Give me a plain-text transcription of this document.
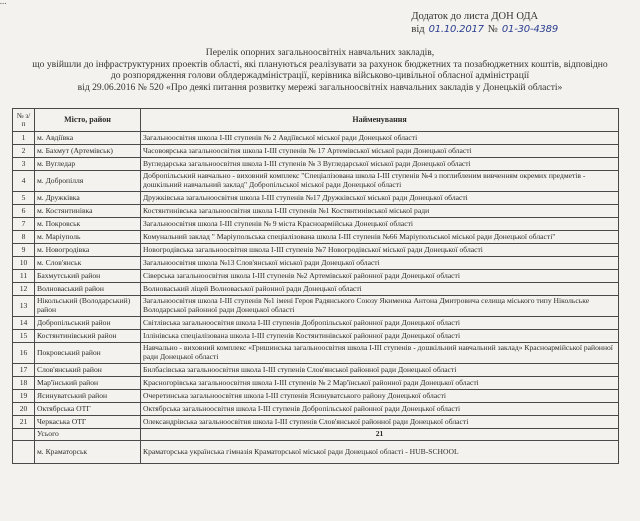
...
Додаток до листа ДОН ОДА
від 01.10.2017 № 01-30-4389
Перелік опорних загальноосвітніх навчальних закладів,
що увійшли до інфраструктурних проектів області, які плануються реалізувати за рахунок бюджетних та позабюджетних коштів, відповідно
до розпорядження голови облдержадміністрації, керівника військово-цивільної обласної адміністрації
від 29.06.2016 № 520 «Про деякі питання розвитку мережі загальноосвітніх навчальних закладів у Донецькій області»
№ з/п	Місто, район	Найменування
1	м. Авдіївка	Загальноосвітня школа І-ІІІ ступенів № 2 Авдіївської міської ради Донецької області
2	м. Бахмут (Артемівськ)	Часовоярська загальноосвітня школа І-ІІІ ступенів № 17 Артемівської міської ради Донецької області
3	м. Вугледар	Вугледарська загальноосвітня школа І-ІІІ ступенів № 3 Вугледарської міської ради Донецької області
4	м. Добропілля	Добропільський навчально - виховний комплекс "Спеціалізована школа І-ІІІ ступенів №4 з поглибленим вивченням окремих предметів - дошкільний навчальний заклад" Добропільської міської ради Донецької області
5	м. Дружківка	Дружківська загальноосвітня школа І-ІІІ ступенів №17 Дружківської міської ради Донецької області
6	м. Костянтинівка	Костянтинівська загальноосвітня школа І-ІІІ ступенів №1 Костянтинівської міської ради
7	м. Покровськ	Загальноосвітня школа І-ІІІ ступенів № 9 міста Красноармійська Донецької області
8	м. Маріуполь	Комунальний заклад " Маріупольська спеціалізована школа І-ІІІ ступенів №66 Маріупольської міської ради Донецької області"
9	м. Новогродівка	Новогродівська загальноосвітня школа І-ІІІ ступенів №7 Новогродівської міської ради Донецької області
10	м. Слов'янськ	Загальноосвітня школа №13 Слов'янської міської ради Донецької області
11	Бахмутський район	Сіверська загальноосвітня школа І-ІІІ ступенів №2 Артемівської районної ради Донецької області
12	Волноваський район	Волноваський ліцей Волноваської районної ради Донецької області
13	Нікольський (Володарський) район	Загальноосвітня школа І-ІІІ ступенів №1 імені Героя Радянського Союзу Якименка Антона Дмитровича селища міського типу Нікольське Володарської районної ради Донецької області
14	Добропільський район	Світлівська загальноосвітня школа І-ІІІ ступенів Добропільської районної ради Донецької області
15	Костянтинівський район	Іллінівська спеціалізована школа І-ІІІ ступенів Костянтинівської районної ради Донецької області
16	Покровський район	Навчально - виховний комплекс «Гришинська загальноосвітня школа І-ІІІ ступенів - дошкільний навчальний заклад» Красноармійської районної ради Донецької області
17	Слов'янський район	Билбасівська загальноосвітня школа І-ІІІ ступенів Слов'янської районної ради Донецької області
18	Мар'їнський район	Красногорівська загальноосвітня школа І-ІІІ ступенів № 2 Мар'їнської районної ради Донецької області
19	Ясинуватський район	Очеретинська загальноосвітня школа І-ІІІ ступенів Ясинуватського району Донецької області
20	Октябрська ОТГ	Октябрська загальноосвітня школа І-ІІІ ступенів Добропільської районної ради Донецької області
21	Черкаська ОТГ	Олександрівська загальноосвітня школа І-ІІІ ступенів Слов'янської районної ради Донецької області
	Усього	21
	м. Краматорськ	Краматорська українська гімназія Краматорської міської ради Донецької області - HUB-SCHOOL
